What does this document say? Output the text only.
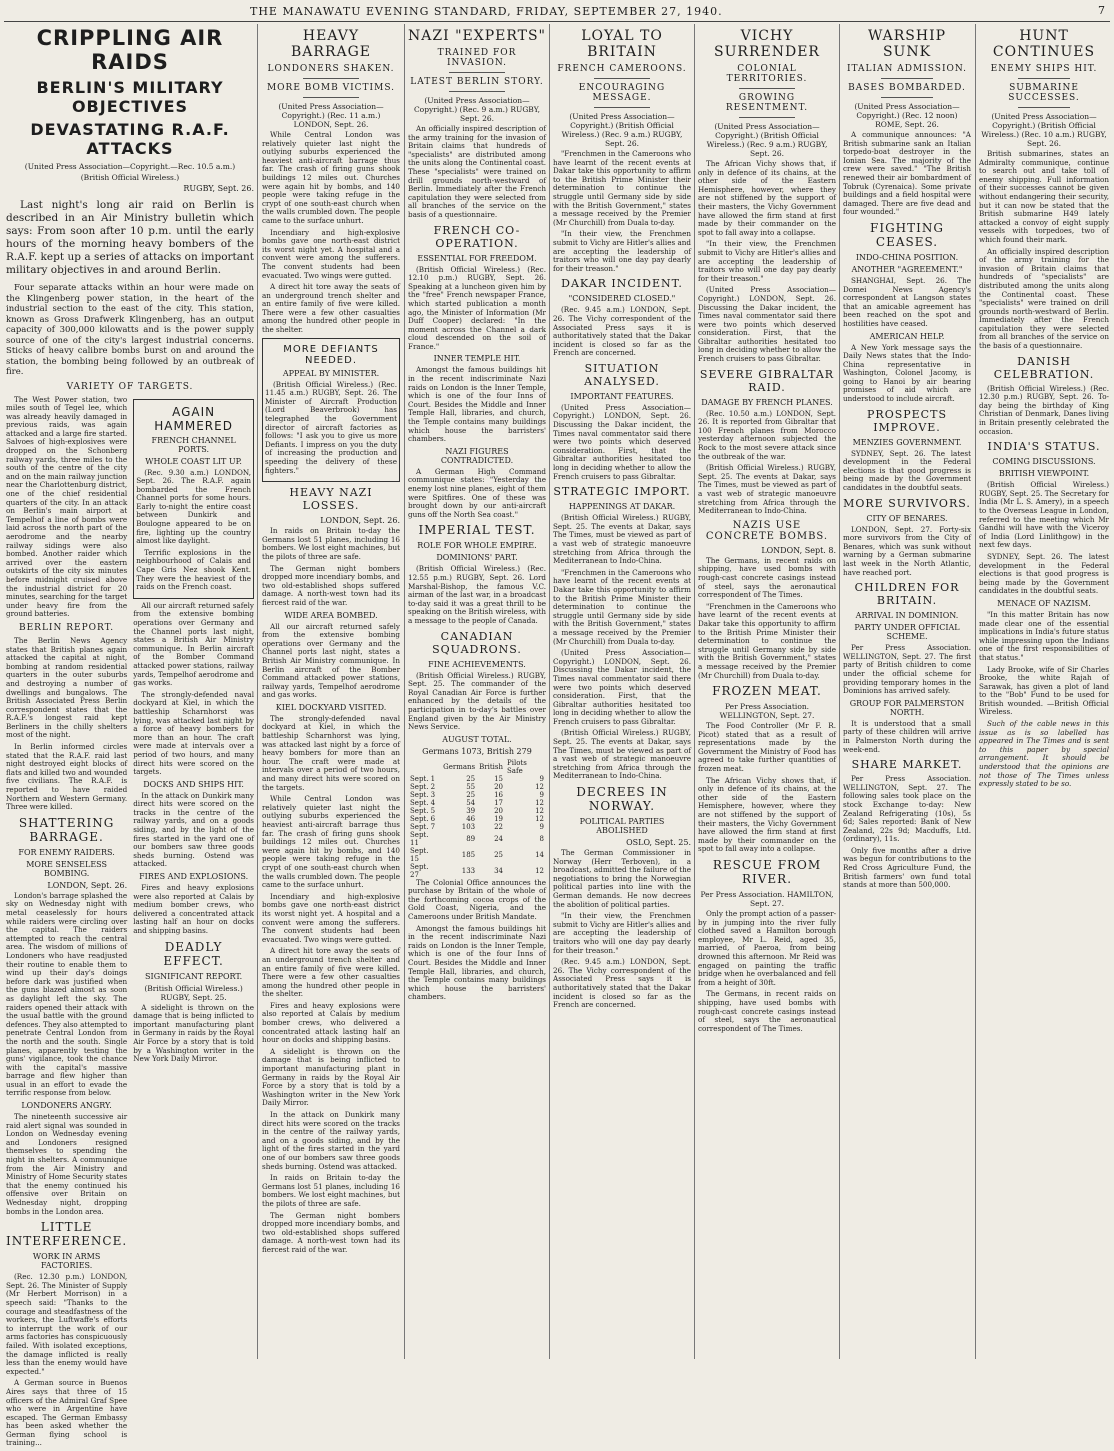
THE MANAWATU EVENING STANDARD, FRIDAY, SEPTEMBER 27, 1940.	7
CRIPPLING AIR RAIDS
BERLIN'S MILITARY OBJECTIVES
DEVASTATING R.A.F. ATTACKS
(United Press Association—Copyright.—Rec. 10.5 a.m.)
(British Official Wireless.)
RUGBY, Sept. 26.

Last night's long air raid on Berlin is described in an Air Ministry bulletin which says: From soon after 10 p.m. until the early hours of the morning heavy bombers of the R.A.F. kept up a series of attacks on important military objectives in and around Berlin.

Four separate attacks within an hour were made on the Klingenberg power station, in the heart of the industrial section to the east of the city. This station, known as Gross Drafwerk Klingenberg, has an output capacity of 300,000 kilowatts and is the power supply source of one of the city's largest industrial concerns. Sticks of heavy calibre bombs burst on and around the station, the bombing being followed by an outbreak of fire.

VARIETY OF TARGETS.

The West Power station, two miles south of Tegel lee, which was already heavily damaged in previous raids, was again attacked and a large fire started. Salvoes of high-explosives were dropped on the Schonberg railway yards, three miles to the south of the centre of the city and on the main railway junction near the Charlottenburg district, one of the chief residential quarters of the city. In an attack on Berlin's main airport at Tempelhof a line of bombs were laid across the north part of the aerodrome and the nearby railway sidings were also bombed. Another raider which arrived over the eastern outskirts of the city six minutes before midnight cruised above the industrial district for 20 minutes, searching for the target under heavy fire from the ground batteries.

BERLIN REPORT.

The Berlin News Agency states that British planes again attacked the capital at night, bombing at random residential quarters in the outer suburbs and destroying a number of dwellings and bungalows. The British Associated Press Berlin correspondent states that the R.A.F.'s longest raid kept Berliners in the chilly shelters most of the night.

In Berlin informed circles stated that the R.A.F. raid last night destroyed eight blocks of flats and killed two and wounded five civilians. The R.A.F. is reported to have raided Northern and Western Germany. Three were killed.

SHATTERING BARRAGE.
FOR ENEMY RAIDERS.
MORE SENSELESS BOMBING.
LONDON, Sept. 26.

London's barrage splashed the sky on Wednesday night with metal ceaselessly for hours while raiders were circling over the capital. The raiders attempted to reach the central area. The wisdom of millions of Londoners who have readjusted their routine to enable them to wind up their day's doings before dark was justified when the guns blazed almost as soon as daylight left the sky. The raiders opened their attack with the usual battle with the ground defences. They also attempted to penetrate Central London from the north and the south. Single planes, apparently testing the guns' vigilance, took the chance with the capital's massive barrage and flew higher than usual in an effort to evade the terrific response from below.

LONDONERS ANGRY.

The nineteenth successive air raid alert signal was sounded in London on Wednesday evening and Londoners resigned themselves to spending the night in shelters. A communique from the Air Ministry and Ministry of Home Security states that the enemy continued his offensive over Britain on Wednesday night, dropping bombs in the London area.

LITTLE INTERFERENCE.
WORK IN ARMS FACTORIES.

(Rec. 12.30 p.m.) LONDON, Sept. 26. The Minister of Supply (Mr Herbert Morrison) in a speech said: "Thanks to the courage and steadfastness of the workers, the Luftwaffe's efforts to interrupt the work of our arms factories has conspicuously failed. With isolated exceptions, the damage inflicted is really less than the enemy would have expected."

A German source in Buenos Aires says that three of 15 officers of the Admiral Graf Spee who were in Argentine have escaped. The German Embassy has been asked whether the German flying school is training...

AGAIN HAMMERED
FRENCH CHANNEL PORTS.
WHOLE COAST LIT UP.

(Rec. 9.30 a.m.) LONDON, Sept. 26. The R.A.F. again bombarded the French Channel ports for some hours. Early to-night the entire coast between Dunkirk and Boulogne appeared to be on fire, lighting up the country almost like daylight.

Terrific explosions in the neighbourhood of Calais and Cape Gris Nez shook Kent. They were the heaviest of the raids on the French coast.

All our aircraft returned safely from the extensive bombing operations over Germany and the Channel ports last night, states a British Air Ministry communique. In Berlin aircraft of the Bomber Command attacked power stations, railway yards, Tempelhof aerodrome and gas works.

The strongly-defended naval dockyard at Kiel, in which the battleship Scharnhorst was lying, was attacked last night by a force of heavy bombers for more than an hour. The craft were made at intervals over a period of two hours, and many direct hits were scored on the targets.

DOCKS AND SHIPS HIT.

In the attack on Dunkirk many direct hits were scored on the tracks in the centre of the railway yards, and on a goods siding, and by the light of the fires started in the yard one of our bombers saw three goods sheds burning. Ostend was attacked.

FIRES AND EXPLOSIONS.

Fires and heavy explosions were also reported at Calais by medium bomber crews, who delivered a concentrated attack lasting half an hour on docks and shipping basins.

DEADLY EFFECT.
SIGNIFICANT REPORT.
(British Official Wireless.) RUGBY, Sept. 25.

A sidelight is thrown on the damage that is being inflicted to important manufacturing plant in Germany in raids by the Royal Air Force by a story that is told by a Washington writer in the New York Daily Mirror.

HEAVY BARRAGE
LONDONERS SHAKEN.
MORE BOMB VICTIMS.
(United Press Association—Copyright.) (Rec. 11 a.m.) LONDON, Sept. 26.

While Central London was relatively quieter last night the outlying suburbs experienced the heaviest anti-aircraft barrage thus far. The crash of firing guns shook buildings 12 miles out. Churches were again hit by bombs, and 140 people were taking refuge in the crypt of one south-east church when the walls crumbled down. The people came to the surface unhurt.

Incendiary and high-explosive bombs gave one north-east district its worst night yet. A hospital and a convent were among the sufferers. The convent students had been evacuated. Two wings were gutted.

A direct hit tore away the seats of an underground trench shelter and an entire family of five were killed. There were a few other casualties among the hundred other people in the shelter.

MORE DEFIANTS NEEDED.
APPEAL BY MINISTER.

(British Official Wireless.) (Rec. 11.45 a.m.) RUGBY, Sept. 26. The Minister of Aircraft Production (Lord Beaverbrook) has telegraphed the Government director of aircraft factories as follows: "I ask you to give us more Defiants. I impress on you the duty of increasing the production and speeding the delivery of these fighters."

HEAVY NAZI LOSSES.
LONDON, Sept. 26.

In raids on Britain to-day the Germans lost 51 planes, including 16 bombers. We lost eight machines, but the pilots of three are safe.

The German night bombers dropped more incendiary bombs, and two old-established shops suffered damage. A north-west town had its fiercest raid of the war.

WIDE AREA BOMBED.

All our aircraft returned safely from the extensive bombing operations over Germany and the Channel ports last night, states a British Air Ministry communique. In Berlin aircraft of the Bomber Command attacked power stations, railway yards, Tempelhof aerodrome and gas works.

KIEL DOCKYARD VISITED.

The strongly-defended naval dockyard at Kiel, in which the battleship Scharnhorst was lying, was attacked last night by a force of heavy bombers for more than an hour. The craft were made at intervals over a period of two hours, and many direct hits were scored on the targets.

While Central London was relatively quieter last night the outlying suburbs experienced the heaviest anti-aircraft barrage thus far. The crash of firing guns shook buildings 12 miles out. Churches were again hit by bombs, and 140 people were taking refuge in the crypt of one south-east church when the walls crumbled down. The people came to the surface unhurt.

Incendiary and high-explosive bombs gave one north-east district its worst night yet. A hospital and a convent were among the sufferers. The convent students had been evacuated. Two wings were gutted.

A direct hit tore away the seats of an underground trench shelter and an entire family of five were killed. There were a few other casualties among the hundred other people in the shelter.

Fires and heavy explosions were also reported at Calais by medium bomber crews, who delivered a concentrated attack lasting half an hour on docks and shipping basins.

A sidelight is thrown on the damage that is being inflicted to important manufacturing plant in Germany in raids by the Royal Air Force by a story that is told by a Washington writer in the New York Daily Mirror.

In the attack on Dunkirk many direct hits were scored on the tracks in the centre of the railway yards, and on a goods siding, and by the light of the fires started in the yard one of our bombers saw three goods sheds burning. Ostend was attacked.

In raids on Britain to-day the Germans lost 51 planes, including 16 bombers. We lost eight machines, but the pilots of three are safe.

The German night bombers dropped more incendiary bombs, and two old-established shops suffered damage. A north-west town had its fiercest raid of the war.

NAZI "EXPERTS"
TRAINED FOR INVASION.
LATEST BERLIN STORY.
(United Press Association—Copyright.) (Rec. 9 a.m.) RUGBY, Sept. 26.

An officially inspired description of the army training for the invasion of Britain claims that hundreds of "specialists" are distributed among the units along the Continental coast. These "specialists" were trained on drill grounds north-westward of Berlin. Immediately after the French capitulation they were selected from all branches of the service on the basis of a questionnaire.

FRENCH CO-OPERATION.
ESSENTIAL FOR FREEDOM.

(British Official Wireless.) (Rec. 12.10 p.m.) RUGBY, Sept. 26. Speaking at a luncheon given him by the "free" French newspaper France, which started publication a month ago, the Minister of Information (Mr Duff Cooper) declared: "In the moment across the Channel a dark cloud descended on the soil of France."

INNER TEMPLE HIT.

Amongst the famous buildings hit in the recent indiscriminate Nazi raids on London is the Inner Temple, which is one of the four Inns of Court. Besides the Middle and Inner Temple Hall, libraries, and church, the Temple contains many buildings which house the barristers' chambers.

NAZI FIGURES CONTRADICTED.

A German High Command communique states: "Yesterday the enemy lost nine planes, eight of them were Spitfires. One of these was brought down by our anti-aircraft guns off the North Sea coast."

IMPERIAL TEST.
ROLE FOR WHOLE EMPIRE.
DOMINIONS' PART.

(British Official Wireless.) (Rec. 12.55 p.m.) RUGBY, Sept. 26. Lord Marshal-Bishop, the famous V.C. airman of the last war, in a broadcast to-day said it was a great thrill to be speaking on the British wireless, with a message to the people of Canada.

CANADIAN SQUADRONS.
FINE ACHIEVEMENTS.

(British Official Wireless.) RUGBY, Sept. 25. The commander of the Royal Canadian Air Force is further enhanced by the details of the participation in to-day's battles over England given by the Air Ministry News Service.

AUGUST TOTAL.
Germans 1073, British 279
	Germans	British	Pilots Safe
Sept. 1	25	15	9
Sept. 2	55	20	12
Sept. 3	25	16	9
Sept. 4	54	17	12
Sept. 5	39	20	12
Sept. 6	46	19	12
Sept. 7	103	22	9
Sept. 11	89	24	8
Sept. 15	185	25	14
Sept. 27	133	34	12

The Colonial Office announces the purchase by Britain of the whole of the forthcoming cocoa crops of the Gold Coast, Nigeria, and the Cameroons under British Mandate.

Amongst the famous buildings hit in the recent indiscriminate Nazi raids on London is the Inner Temple, which is one of the four Inns of Court. Besides the Middle and Inner Temple Hall, libraries, and church, the Temple contains many buildings which house the barristers' chambers.

LOYAL TO BRITAIN
FRENCH CAMEROONS.
ENCOURAGING MESSAGE.
(United Press Association—Copyright.) (British Official Wireless.) (Rec. 9 a.m.) RUGBY, Sept. 26.

"Frenchmen in the Cameroons who have learnt of the recent events at Dakar take this opportunity to affirm to the British Prime Minister their determination to continue the struggle until Germany side by side with the British Government," states a message received by the Premier (Mr Churchill) from Duala to-day.

"In their view, the Frenchmen submit to Vichy are Hitler's allies and are accepting the leadership of traitors who will one day pay dearly for their treason."

DAKAR INCIDENT.
"CONSIDERED CLOSED."

(Rec. 9.45 a.m.) LONDON, Sept. 26. The Vichy correspondent of the Associated Press says it is authoritatively stated that the Dakar incident is closed so far as the French are concerned.

SITUATION ANALYSED.
IMPORTANT FEATURES.

(United Press Association—Copyright.) LONDON, Sept. 26. Discussing the Dakar incident, the Times naval commentator said there were two points which deserved consideration. First, that the Gibraltar authorities hesitated too long in deciding whether to allow the French cruisers to pass Gibraltar.

STRATEGIC IMPORT.
HAPPENINGS AT DAKAR.

(British Official Wireless.) RUGBY, Sept. 25. The events at Dakar, says The Times, must be viewed as part of a vast web of strategic manoeuvre stretching from Africa through the Mediterranean to Indo-China.

"Frenchmen in the Cameroons who have learnt of the recent events at Dakar take this opportunity to affirm to the British Prime Minister their determination to continue the struggle until Germany side by side with the British Government," states a message received by the Premier (Mr Churchill) from Duala to-day.

(United Press Association—Copyright.) LONDON, Sept. 26. Discussing the Dakar incident, the Times naval commentator said there were two points which deserved consideration. First, that the Gibraltar authorities hesitated too long in deciding whether to allow the French cruisers to pass Gibraltar.

(British Official Wireless.) RUGBY, Sept. 25. The events at Dakar, says The Times, must be viewed as part of a vast web of strategic manoeuvre stretching from Africa through the Mediterranean to Indo-China.

DECREES IN NORWAY.
POLITICAL PARTIES ABOLISHED
OSLO, Sept. 25.

The German Commissioner in Norway (Herr Terboven), in a broadcast, admitted the failure of the negotiations to bring the Norwegian political parties into line with the German demands. He now decrees the abolition of political parties.

"In their view, the Frenchmen submit to Vichy are Hitler's allies and are accepting the leadership of traitors who will one day pay dearly for their treason."

(Rec. 9.45 a.m.) LONDON, Sept. 26. The Vichy correspondent of the Associated Press says it is authoritatively stated that the Dakar incident is closed so far as the French are concerned.

VICHY SURRENDER
COLONIAL TERRITORIES.
GROWING RESENTMENT.
(United Press Association—Copyright.) (British Official Wireless.) (Rec. 9 a.m.) RUGBY, Sept. 26.

The African Vichy shows that, if only in defence of its chains, at the other side of the Eastern Hemisphere, however, where they are not stiffened by the support of their masters, the Vichy Government have allowed the firm stand at first made by their commander on the spot to fall away into a collapse.

"In their view, the Frenchmen submit to Vichy are Hitler's allies and are accepting the leadership of traitors who will one day pay dearly for their treason."

(United Press Association—Copyright.) LONDON, Sept. 26. Discussing the Dakar incident, the Times naval commentator said there were two points which deserved consideration. First, that the Gibraltar authorities hesitated too long in deciding whether to allow the French cruisers to pass Gibraltar.

SEVERE GIBRALTAR RAID.
DAMAGE BY FRENCH PLANES.

(Rec. 10.50 a.m.) LONDON, Sept. 26. It is reported from Gibraltar that 100 French planes from Morocco yesterday afternoon subjected the Rock to the most severe attack since the outbreak of the war.

(British Official Wireless.) RUGBY, Sept. 25. The events at Dakar, says The Times, must be viewed as part of a vast web of strategic manoeuvre stretching from Africa through the Mediterranean to Indo-China.

NAZIS USE CONCRETE BOMBS.
LONDON, Sept. 8.

The Germans, in recent raids on shipping, have used bombs with rough-cast concrete casings instead of steel, says the aeronautical correspondent of The Times.

"Frenchmen in the Cameroons who have learnt of the recent events at Dakar take this opportunity to affirm to the British Prime Minister their determination to continue the struggle until Germany side by side with the British Government," states a message received by the Premier (Mr Churchill) from Duala to-day.

FROZEN MEAT.
Per Press Association. WELLINGTON, Sept. 27.

The Food Controller (Mr F. R. Picot) stated that as a result of representations made by the Government the Ministry of Food has agreed to take further quantities of frozen meat.

The African Vichy shows that, if only in defence of its chains, at the other side of the Eastern Hemisphere, however, where they are not stiffened by the support of their masters, the Vichy Government have allowed the firm stand at first made by their commander on the spot to fall away into a collapse.

RESCUE FROM RIVER.
Per Press Association. HAMILTON, Sept. 27.

Only the prompt action of a passer-by in jumping into the river fully clothed saved a Hamilton borough employee, Mr L. Reid, aged 35, married, of Paeroa, from being drowned this afternoon. Mr Reid was engaged on painting the traffic bridge when he overbalanced and fell from a height of 30ft.

The Germans, in recent raids on shipping, have used bombs with rough-cast concrete casings instead of steel, says the aeronautical correspondent of The Times.

WARSHIP SUNK
ITALIAN ADMISSION.
BASES BOMBARDED.
(United Press Association—Copyright.) (Rec. 12 noon) ROME, Sept. 26.

A communique announces: "A British submarine sank an Italian torpedo-boat destroyer in the Ionian Sea. The majority of the crew were saved." "The British renewed their air bombardment of Tobruk (Cyrenaica). Some private buildings and a field hospital were damaged. There are five dead and four wounded."

FIGHTING CEASES.
INDO-CHINA POSITION.
ANOTHER "AGREEMENT."

SHANGHAI, Sept. 26. The Domei News Agency's correspondent at Langson states that an amicable agreement has been reached on the spot and hostilities have ceased.

AMERICAN HELP.

A New York message says the Daily News states that the Indo-China representative in Washington, Colonel Jacomy, is going to Hanoi by air bearing promises of aid which are understood to include aircraft.

PROSPECTS IMPROVE.
MENZIES GOVERNMENT.

SYDNEY, Sept. 26. The latest development in the Federal elections is that good progress is being made by the Government candidates in the doubtful seats.

MORE SURVIVORS.
CITY OF BENARES.

LONDON, Sept. 27. Forty-six more survivors from the City of Benares, which was sunk without warning by a German submarine last week in the North Atlantic, have reached port.

CHILDREN FOR BRITAIN.
ARRIVAL IN DOMINION.
PARTY UNDER OFFICIAL SCHEME.

Per Press Association. WELLINGTON, Sept. 27. The first party of British children to come under the official scheme for providing temporary homes in the Dominions has arrived safely.

GROUP FOR PALMERSTON NORTH.

It is understood that a small party of these children will arrive in Palmerston North during the week-end.

SHARE MARKET.

Per Press Association. WELLINGTON, Sept. 27. The following sales took place on the stock Exchange to-day: New Zealand Refrigerating (10s), 5s 6d; Sales reported: Bank of New Zealand, 22s 9d; Macduffs, Ltd. (ordinary), 11s.

Only five months after a drive was begun for contributions to the Red Cross Agriculture Fund, the British farmers' own fund total stands at more than 500,000.

HUNT CONTINUES
ENEMY SHIPS HIT.
SUBMARINE SUCCESSES.
(United Press Association—Copyright.) (British Official Wireless.) (Rec. 10 a.m.) RUGBY, Sept. 26.

British submarines, states an Admiralty communique, continue to search out and take toll of enemy shipping. Full information of their successes cannot be given without endangering their security, but it can now be stated that the British submarine H49 lately attacked a convoy of eight supply vessels with torpedoes, two of which found their mark.

An officially inspired description of the army training for the invasion of Britain claims that hundreds of "specialists" are distributed among the units along the Continental coast. These "specialists" were trained on drill grounds north-westward of Berlin. Immediately after the French capitulation they were selected from all branches of the service on the basis of a questionnaire.

DANISH CELEBRATION.

(British Official Wireless.) (Rec. 12.30 p.m.) RUGBY, Sept. 26. To-day being the birthday of King Christian of Denmark, Danes living in Britain presently celebrated the occasion.

INDIA'S STATUS.
COMING DISCUSSIONS.
BRITISH VIEWPOINT.

(British Official Wireless.) RUGBY, Sept. 25. The Secretary for India (Mr L. S. Amery), in a speech to the Overseas League in London, referred to the meeting which Mr Gandhi will have with the Viceroy of India (Lord Linlithgow) in the next few days.

SYDNEY, Sept. 26. The latest development in the Federal elections is that good progress is being made by the Government candidates in the doubtful seats.

MENACE OF NAZISM.

"In this matter Britain has now made clear one of the essential implications in India's future status while impressing upon the Indians one of the first responsibilities of that status."

Lady Brooke, wife of Sir Charles Brooke, the white Rajah of Sarawak, has given a plot of land to the "Bob" Fund to be used for British wounded. —British Official Wireless.

Such of the cable news in this issue as is so labelled has appeared in The Times and is sent to this paper by special arrangement. It should be understood that the opinions are not those of The Times unless expressly stated to be so.
